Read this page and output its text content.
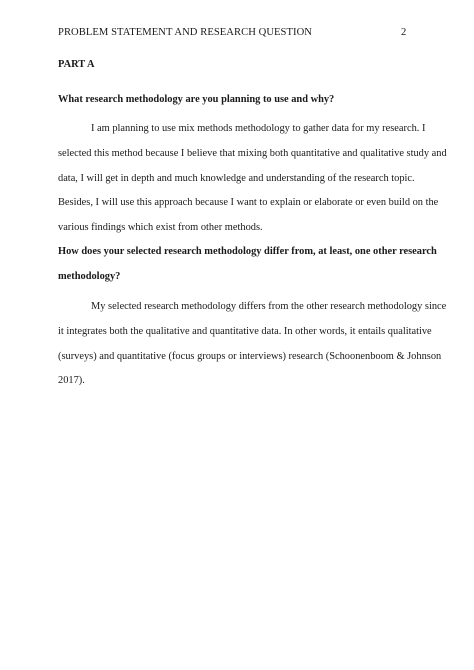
PROBLEM STATEMENT AND RESEARCH QUESTION	2
PART A
What research methodology are you planning to use and why?
I am planning to use mix methods methodology to gather data for my research. I
selected this method because I believe that mixing both quantitative and qualitative study and
data, I will get in depth and much knowledge and understanding of the research topic.
Besides, I will use this approach because I want to explain or elaborate or even build on the
various findings which exist from other methods.
How does your selected research methodology differ from, at least, one other research
methodology?
My selected research methodology differs from the other research methodology since
it integrates both the qualitative and quantitative data. In other words, it entails qualitative
(surveys) and quantitative (focus groups or interviews) research (Schoonenboom & Johnson
2017).
